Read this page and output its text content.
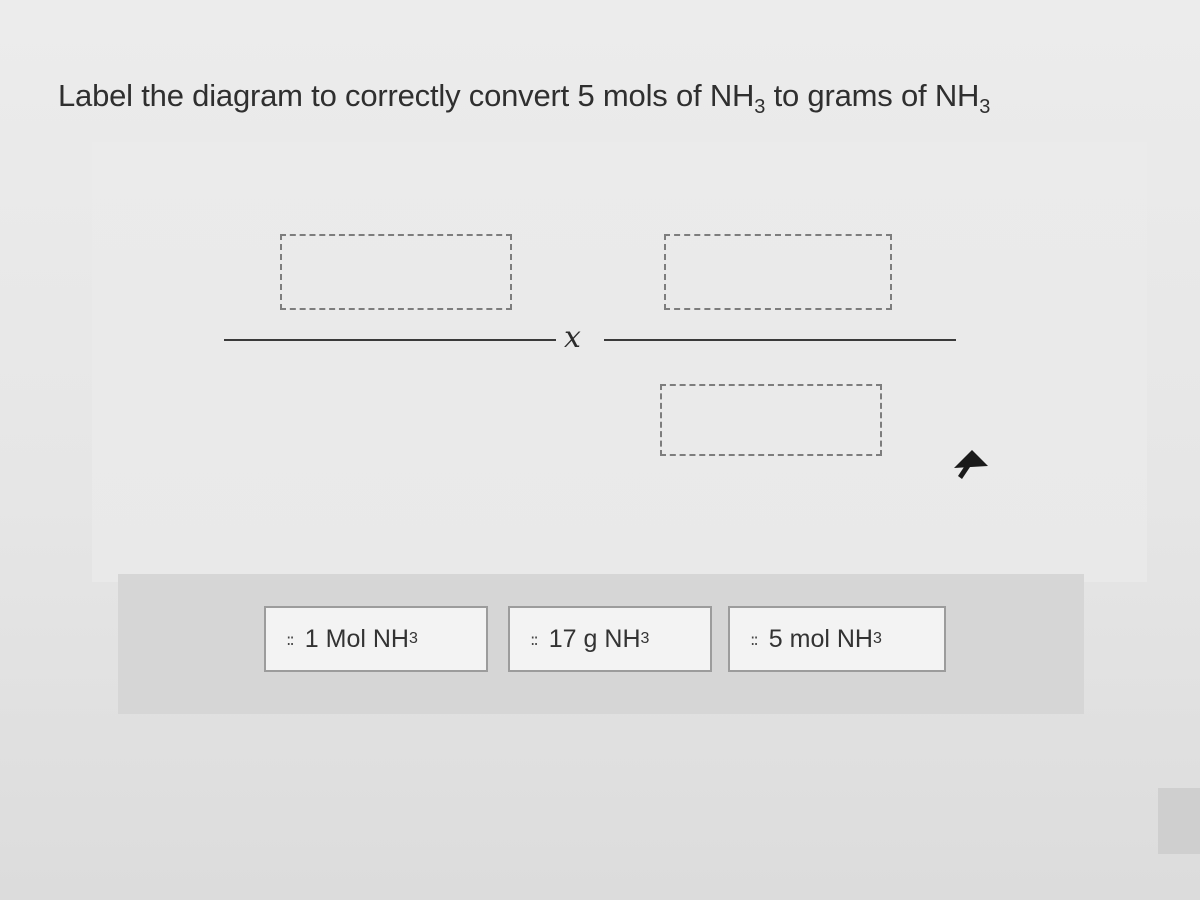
Label the diagram to correctly convert 5 mols of $NH_3$ to grams of $NH_3$
x
:: 1 Mol NH 3	:: 17 g NH 3	:: 5 mol NH 3
